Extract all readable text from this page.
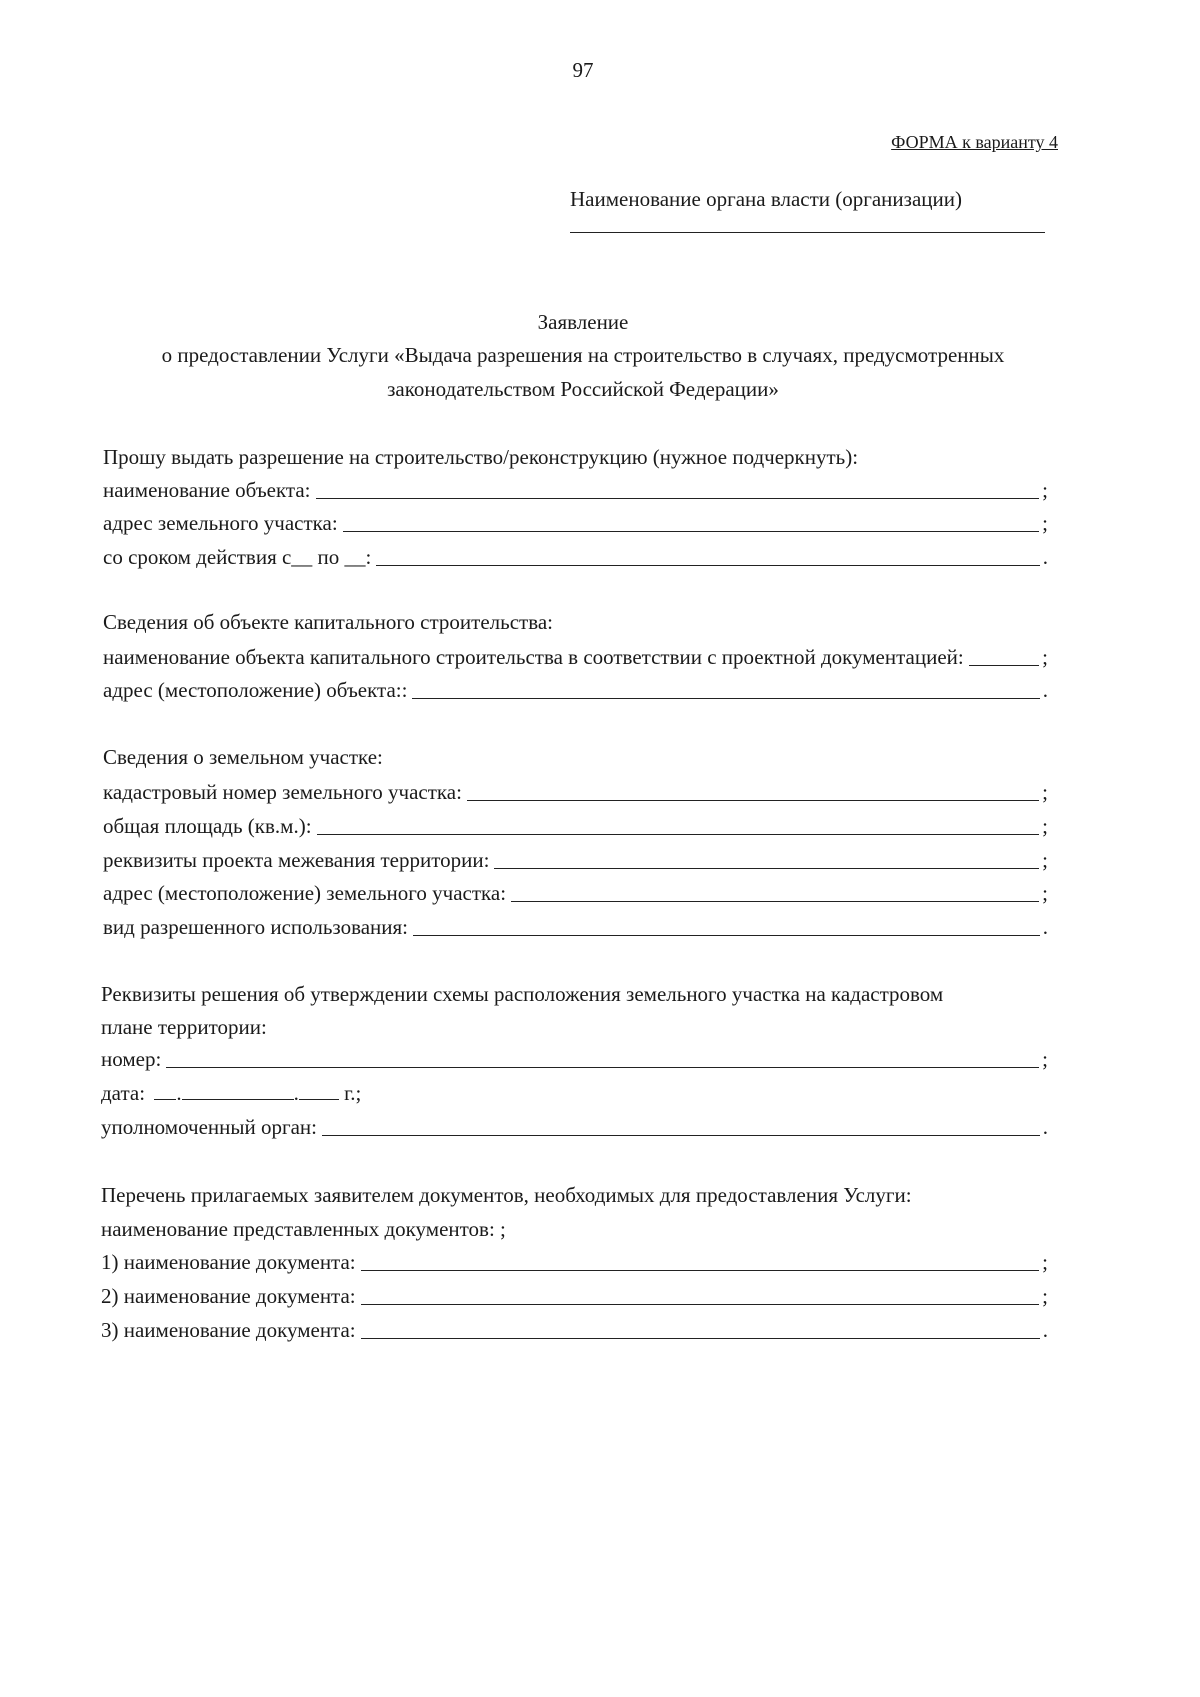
97
ФОРМА к варианту 4
Наименование органа власти (организации)
Заявление
о предоставлении Услуги «Выдача разрешения на строительство в случаях, предусмотренных
законодательством Российской Федерации»
Прошу выдать разрешение на строительство/реконструкцию (нужное подчеркнуть):
наименование объекта:	;
адрес земельного участка:	;
со сроком действия с__ по __:	.
Сведения об объекте капитального строительства:
наименование объекта капитального строительства в соответствии с проектной документацией:	;
адрес (местоположение) объекта::	.
Сведения о земельном участке:
кадастровый номер земельного участка:	;
общая площадь (кв.м.):	;
реквизиты проекта межевания территории:	;
адрес (местоположение) земельного участка:	;
вид разрешенного использования:	.
Реквизиты решения об утверждении схемы расположения земельного участка на кадастровом
плане территории:
номер:	;
дата: .	. г.;
уполномоченный орган:	.
Перечень прилагаемых заявителем документов, необходимых для предоставления Услуги:
наименование представленных документов: ;
1) наименование документа:	;
2) наименование документа:	;
3) наименование документа:	.
